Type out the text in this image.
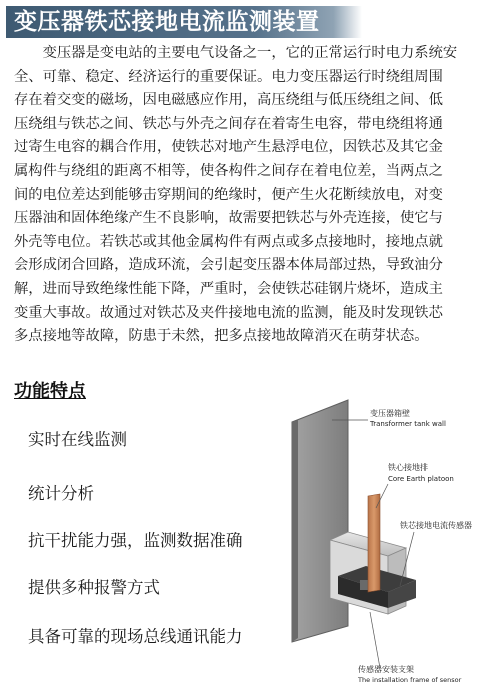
变压器铁芯接地电流监测装置
变压器是变电站的主要电气设备之一，它的正常运行时电力系统安
全、可靠、稳定、经济运行的重要保证。电力变压器运行时绕组周围
存在着交变的磁场，因电磁感应作用，高压绕组与低压绕组之间、低
压绕组与铁芯之间、铁芯与外壳之间存在着寄生电容，带电绕组将通
过寄生电容的耦合作用，使铁芯对地产生悬浮电位，因铁芯及其它金
属构件与绕组的距离不相等，使各构件之间存在着电位差，当两点之
间的电位差达到能够击穿期间的绝缘时，便产生火花断续放电，对变
压器油和固体绝缘产生不良影响，故需要把铁芯与外壳连接，使它与
外壳等电位。若铁芯或其他金属构件有两点或多点接地时，接地点就
会形成闭合回路，造成环流，会引起变压器本体局部过热，导致油分
解，进而导致绝缘性能下降，严重时，会使铁芯硅钢片烧坏，造成主
变重大事故。故通过对铁芯及夹件接地电流的监测，能及时发现铁芯
多点接地等故障，防患于未然，把多点接地故障消灭在萌芽状态。
功能特点
实时在线监测
统计分析
抗干扰能力强，监测数据准确
提供多种报警方式
具备可靠的现场总线通讯能力
变压器箱壁
Transformer tank wall
铁心接地排
Core Earth platoon
铁芯接地电流传感器
传感器安装支架
The installation frame of sensor
